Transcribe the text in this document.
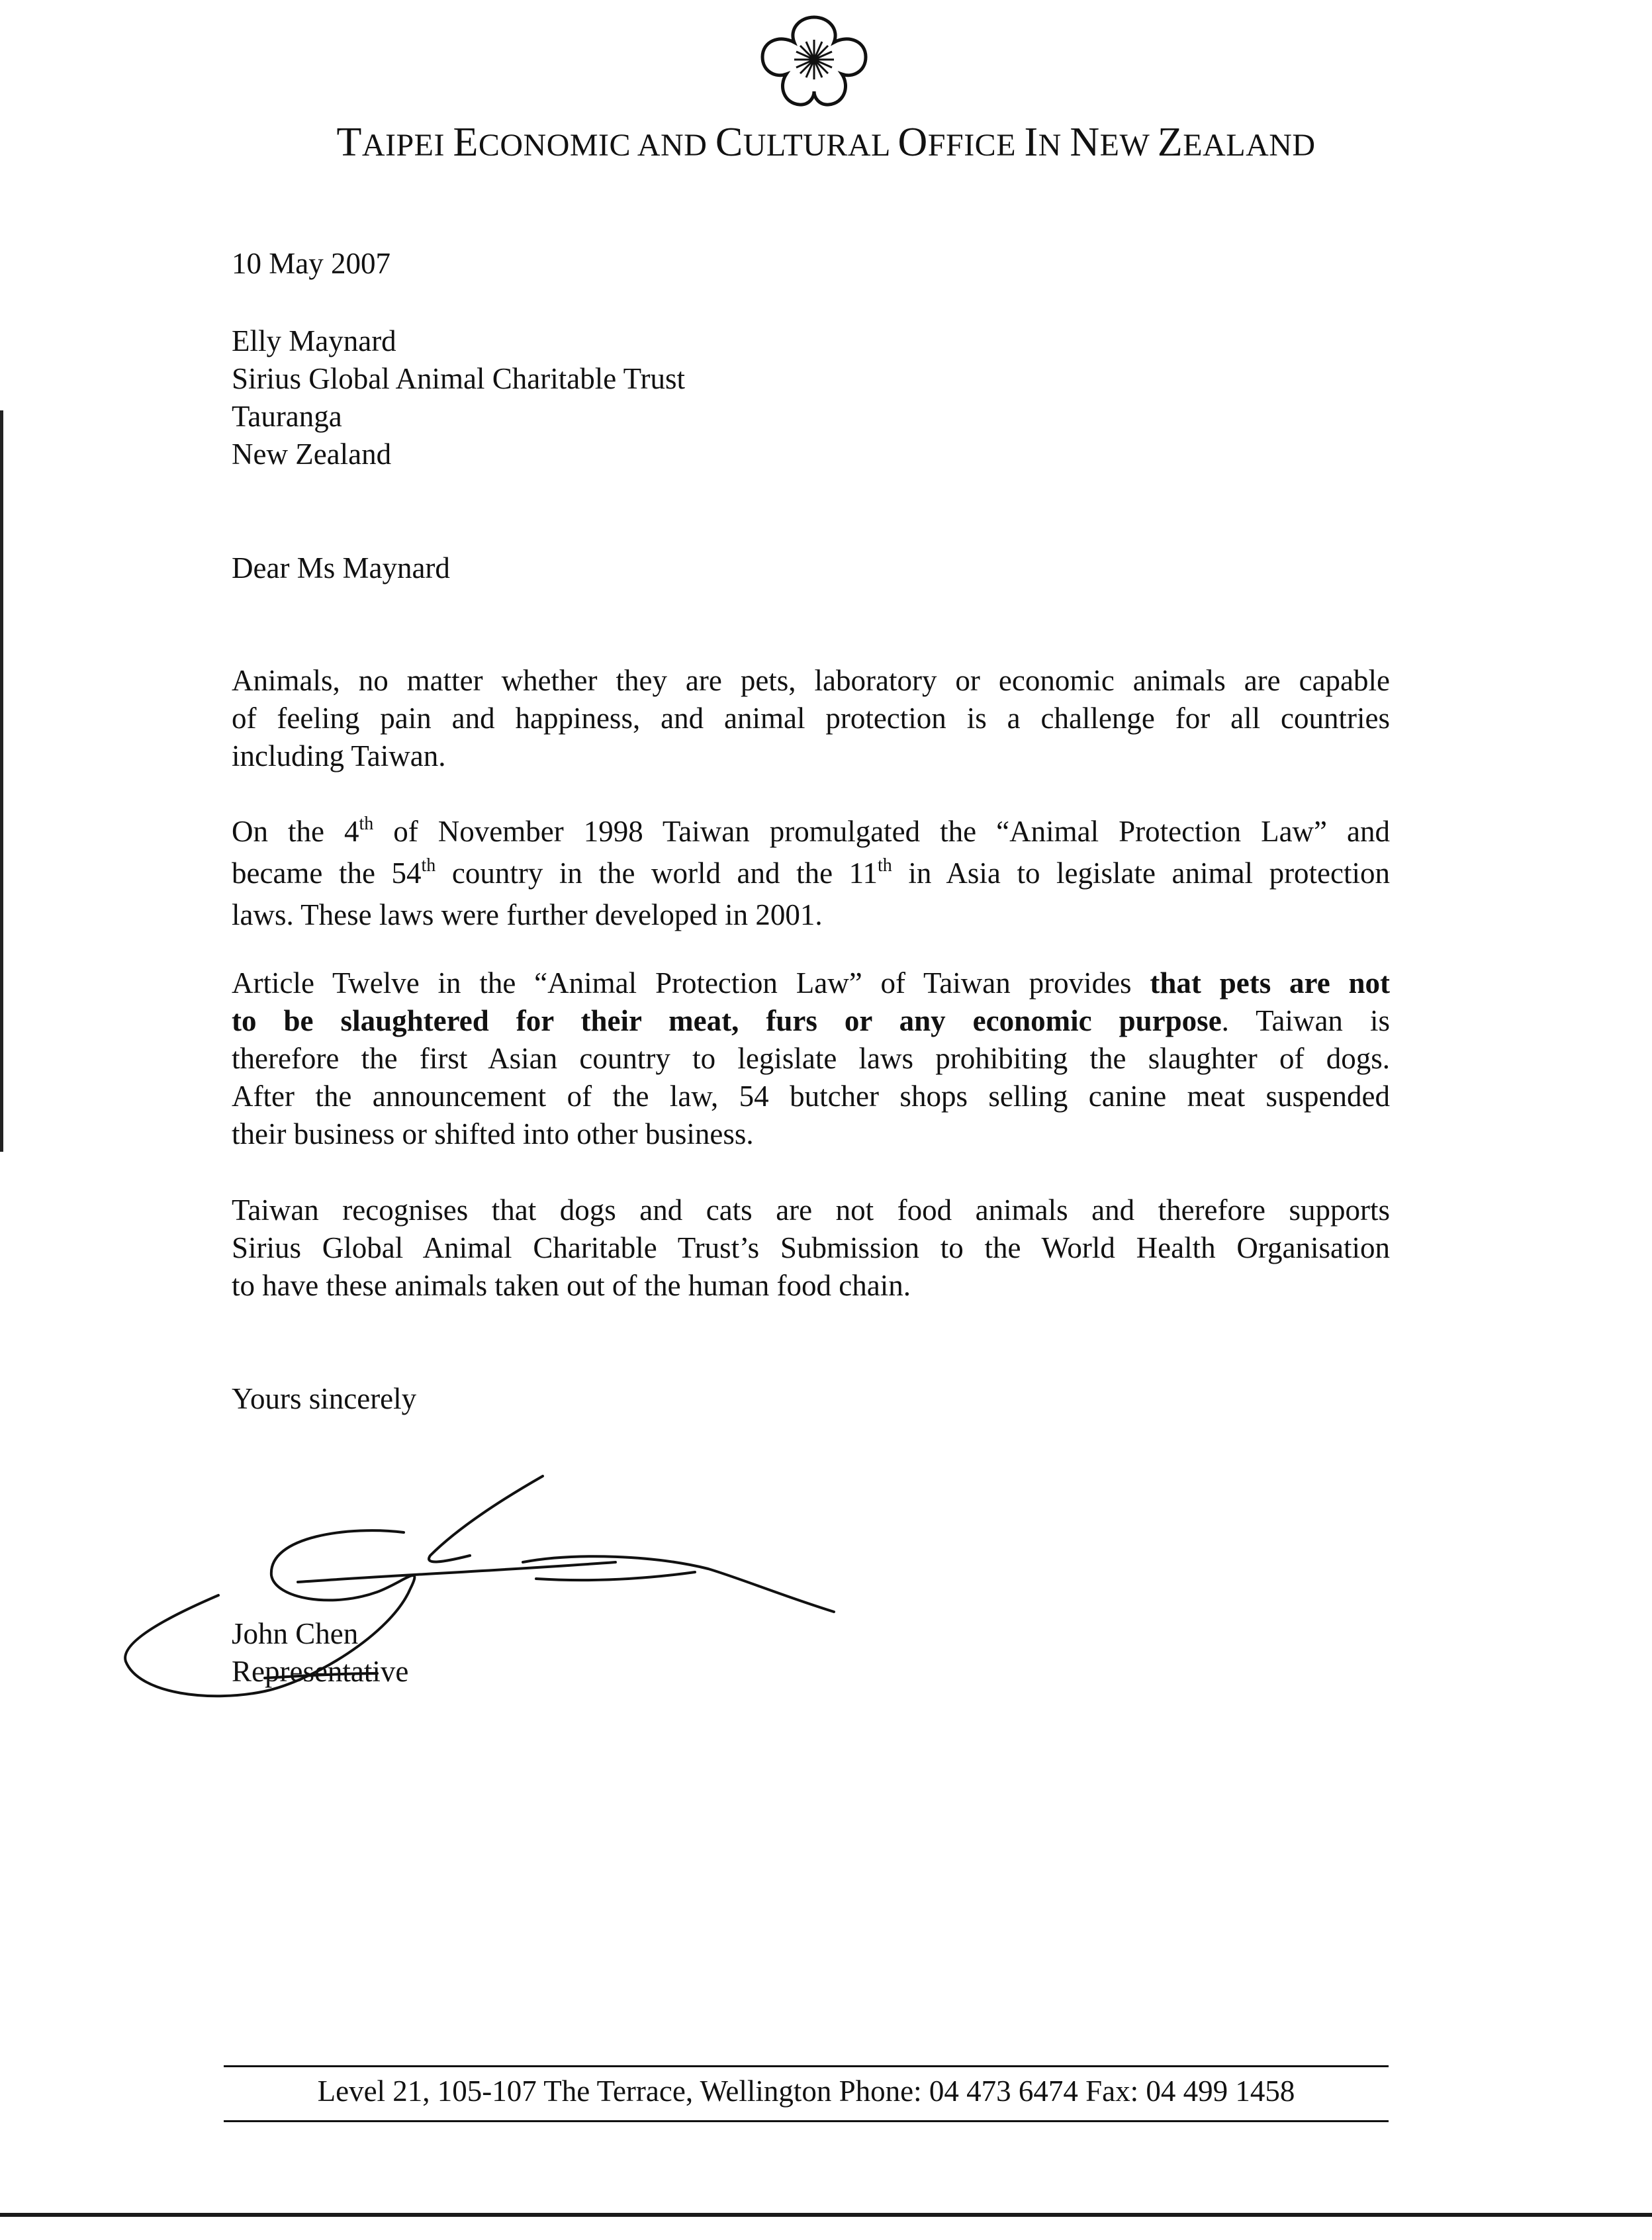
TAIPEI ECONOMIC AND CULTURAL OFFICE IN NEW ZEALAND

10 May 2007

Elly Maynard

Sirius Global Animal Charitable Trust

Tauranga

New Zealand

Dear Ms Maynard

Animals, no matter whether they are pets, laboratory or economic animals are capable
of feeling pain and happiness, and animal protection is a challenge for all countries
including Taiwan.
On the 4th of November 1998 Taiwan promulgated the “Animal Protection Law” and
became the 54th country in the world and the 11th in Asia to legislate animal protection
laws. These laws were further developed in 2001.
Article Twelve in the “Animal Protection Law” of Taiwan provides that pets are not
to be slaughtered for their meat, furs or any economic purpose. Taiwan is
therefore the first Asian country to legislate laws prohibiting the slaughter of dogs.
After the announcement of the law, 54 butcher shops selling canine meat suspended
their business or shifted into other business.
Taiwan recognises that dogs and cats are not food animals and therefore supports
Sirius Global Animal Charitable Trust’s Submission to the World Health Organisation
to have these animals taken out of the human food chain.

Yours sincerely

John Chen

Representative

Level 21, 105-107 The Terrace, Wellington Phone: 04 473 6474 Fax: 04 499 1458
